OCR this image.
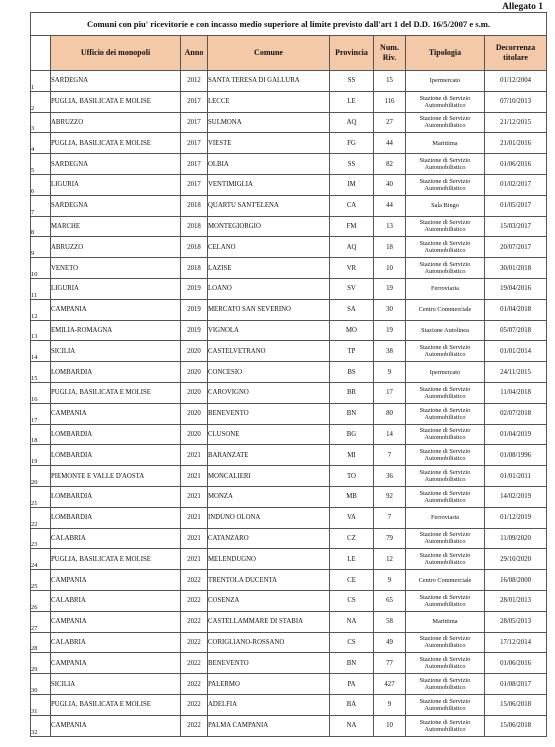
Allegato 1
Comuni con piu' ricevitorie e con incasso medio superiore al limite previsto dall'art 1 del D.D. 16/5/2007 e s.m.							
	Ufficio dei monopoli	Anno	Comune	Provincia	Num. Riv.	Tipologia	Decorrenza titolare
1	SARDEGNA	2012	SANTA TERESA DI GALLURA	SS	15	Ipermercato	01/12/2004
2	PUGLIA, BASILICATA E MOLISE	2017	LECCE	LE	116	Stazione di Servizio Automobilistico	07/10/2013
3	ABRUZZO	2017	SULMONA	AQ	27	Stazione di Servizio Automobilistico	21/12/2015
4	PUGLIA, BASILICATA E MOLISE	2017	VIESTE	FG	44	Marittima	21/01/2016
5	SARDEGNA	2017	OLBIA	SS	82	Stazione di Servizio Automobilistico	01/06/2016
6	LIGURIA	2017	VENTIMIGLIA	IM	40	Stazione di Servizio Automobilistico	01/02/2017
7	SARDEGNA	2018	QUARTU SANT'ELENA	CA	44	Sala Bingo	01/05/2017
8	MARCHE	2018	MONTEGIORGIO	FM	13	Stazione di Servizio Automobilistico	15/03/2017
9	ABRUZZO	2018	CELANO	AQ	18	Stazione di Servizio Automobilistico	20/07/2017
10	VENETO	2018	LAZISE	VR	10	Stazione di Servizio Automobilistico	30/01/2018
11	LIGURIA	2019	LOANO	SV	19	Ferroviaria	19/04/2016
12	CAMPANIA	2019	MERCATO SAN SEVERINO	SA	30	Centro Commerciale	01/04/2018
13	EMILIA-ROMAGNA	2019	VIGNOLA	MO	19	Stazione Autolinea	05/07/2018
14	SICILIA	2020	CASTELVETRANO	TP	38	Stazione di Servizio Automobilistico	01/01/2014
15	LOMBARDIA	2020	CONCESIO	BS	9	Ipermercato	24/11/2015
16	PUGLIA, BASILICATA E MOLISE	2020	CAROVIGNO	BR	17	Stazione di Servizio Automobilistico	11/04/2018
17	CAMPANIA	2020	BENEVENTO	BN	80	Stazione di Servizio Automobilistico	02/07/2018
18	LOMBARDIA	2020	CLUSONE	BG	14	Stazione di Servizio Automobilistico	01/04/2019
19	LOMBARDIA	2021	BARANZATE	MI	7	Stazione di Servizio Automobilistico	01/08/1996
20	PIEMONTE E VALLE D'AOSTA	2021	MONCALIERI	TO	36	Stazione di Servizio Automobilistico	01/01/2011
21	LOMBARDIA	2021	MONZA	MB	92	Stazione di Servizio Automobilistico	14/02/2019
22	LOMBARDIA	2021	INDUNO OLONA	VA	7	Ferroviaria	01/12/2019
23	CALABRIA	2021	CATANZARO	CZ	79	Stazione di Servizio Automobilistico	11/09/2020
24	PUGLIA, BASILICATA E MOLISE	2021	MELENDUGNO	LE	12	Stazione di Servizio Automobilistico	29/10/2020
25	CAMPANIA	2022	TRENTOLA DUCENTA	CE	9	Centro Commerciale	16/08/2000
26	CALABRIA	2022	COSENZA	CS	65	Stazione di Servizio Automobilistico	28/01/2013
27	CAMPANIA	2022	CASTELLAMMARE DI STABIA	NA	58	Marittima	28/05/2013
28	CALABRIA	2022	CORIGLIANO-ROSSANO	CS	49	Stazione di Servizio Automobilistico	17/12/2014
29	CAMPANIA	2022	BENEVENTO	BN	77	Stazione di Servizio Automobilistico	01/06/2016
30	SICILIA	2022	PALERMO	PA	427	Stazione di Servizio Automobilistico	01/08/2017
31	PUGLIA, BASILICATA E MOLISE	2022	ADELFIA	BA	9	Stazione di Servizio Automobilistico	15/06/2018
32	CAMPANIA	2022	PALMA CAMPANIA	NA	10	Stazione di Servizio Automobilistico	15/06/2018
